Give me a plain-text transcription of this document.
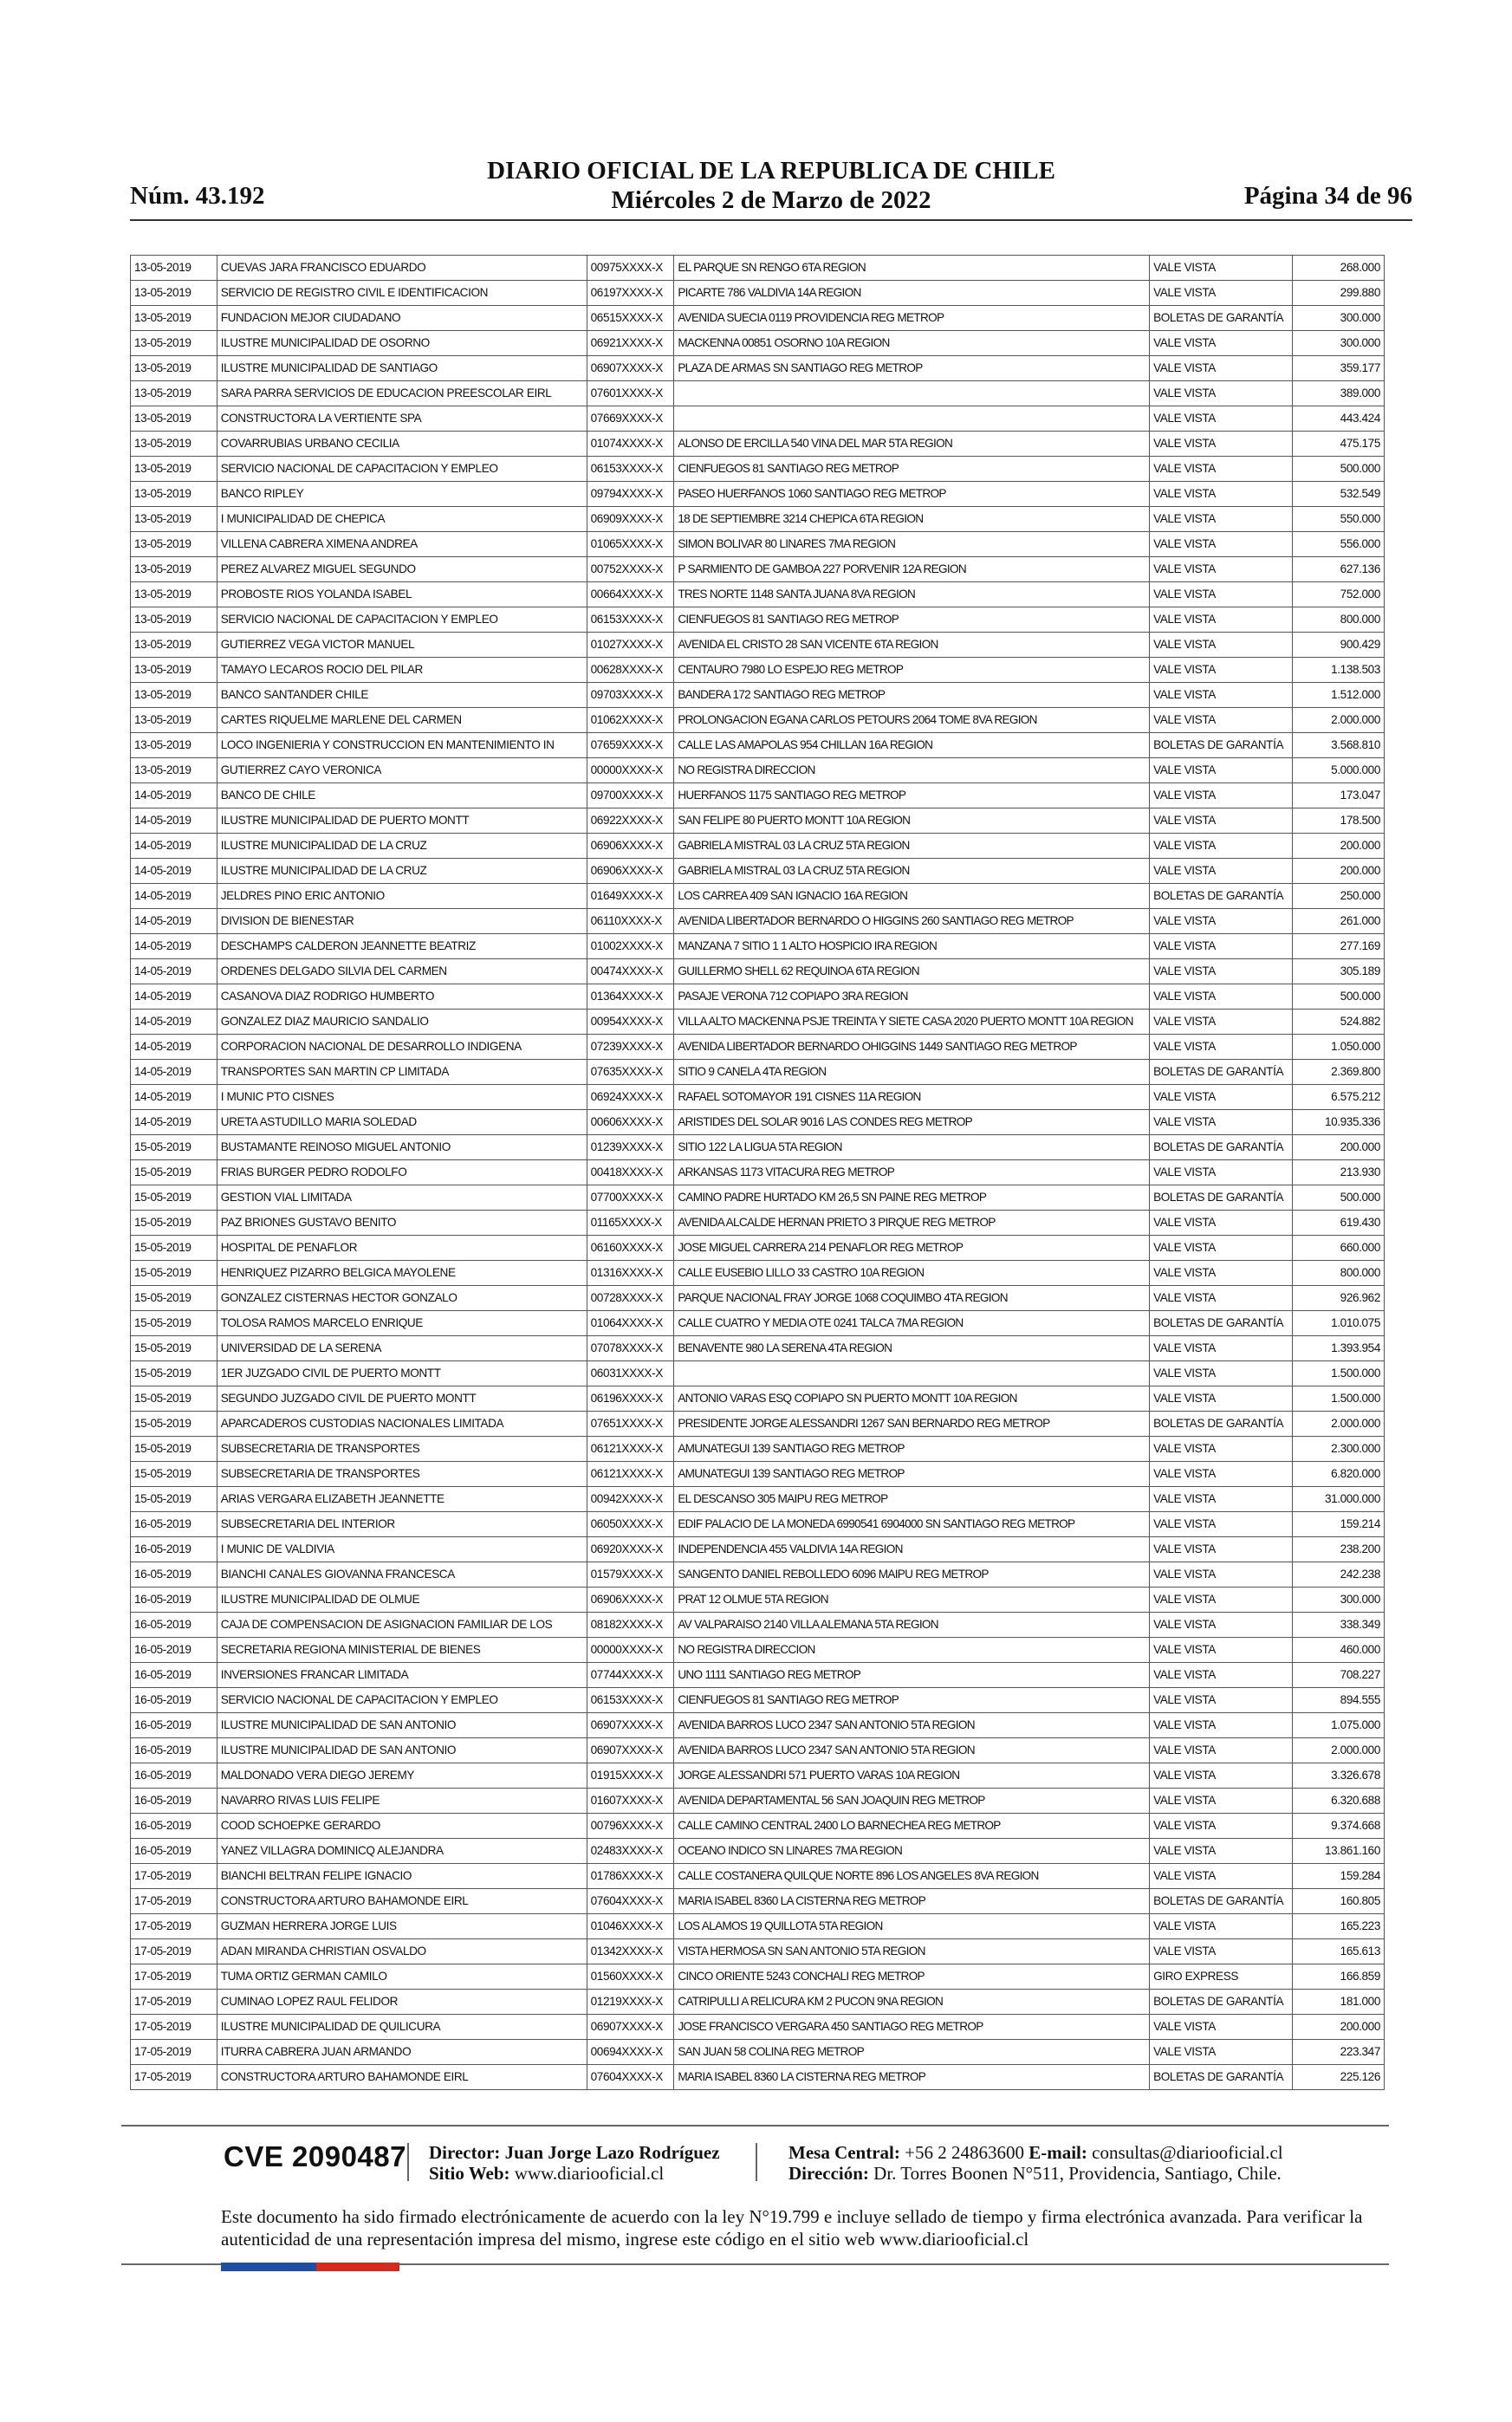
Núm. 43.192
DIARIO OFICIAL DE LA REPUBLICA DE CHILE
Miércoles 2 de Marzo de 2022	Página 34 de 96
13-05-2019	CUEVAS JARA FRANCISCO EDUARDO	00975XXXX-X	EL PARQUE SN RENGO 6TA REGION	VALE VISTA	268.000
13-05-2019	SERVICIO DE REGISTRO CIVIL E IDENTIFICACION	06197XXXX-X	PICARTE 786 VALDIVIA 14A REGION	VALE VISTA	299.880
13-05-2019	FUNDACION MEJOR CIUDADANO	06515XXXX-X	AVENIDA SUECIA 0119 PROVIDENCIA REG METROP	BOLETAS DE GARANTÍA	300.000
13-05-2019	ILUSTRE MUNICIPALIDAD DE OSORNO	06921XXXX-X	MACKENNA 00851 OSORNO 10A REGION	VALE VISTA	300.000
13-05-2019	ILUSTRE MUNICIPALIDAD DE SANTIAGO	06907XXXX-X	PLAZA DE ARMAS SN SANTIAGO REG METROP	VALE VISTA	359.177
13-05-2019	SARA PARRA SERVICIOS DE EDUCACION PREESCOLAR EIRL	07601XXXX-X		VALE VISTA	389.000
13-05-2019	CONSTRUCTORA LA VERTIENTE SPA	07669XXXX-X		VALE VISTA	443.424
13-05-2019	COVARRUBIAS URBANO CECILIA	01074XXXX-X	ALONSO DE ERCILLA 540 VINA DEL MAR 5TA REGION	VALE VISTA	475.175
13-05-2019	SERVICIO NACIONAL DE CAPACITACION Y EMPLEO	06153XXXX-X	CIENFUEGOS 81 SANTIAGO REG METROP	VALE VISTA	500.000
13-05-2019	BANCO RIPLEY	09794XXXX-X	PASEO HUERFANOS 1060 SANTIAGO REG METROP	VALE VISTA	532.549
13-05-2019	I MUNICIPALIDAD DE CHEPICA	06909XXXX-X	18 DE SEPTIEMBRE 3214 CHEPICA 6TA REGION	VALE VISTA	550.000
13-05-2019	VILLENA CABRERA XIMENA ANDREA	01065XXXX-X	SIMON BOLIVAR 80 LINARES 7MA REGION	VALE VISTA	556.000
13-05-2019	PEREZ ALVAREZ MIGUEL SEGUNDO	00752XXXX-X	P SARMIENTO DE GAMBOA 227 PORVENIR 12A REGION	VALE VISTA	627.136
13-05-2019	PROBOSTE RIOS YOLANDA ISABEL	00664XXXX-X	TRES NORTE 1148 SANTA JUANA 8VA REGION	VALE VISTA	752.000
13-05-2019	SERVICIO NACIONAL DE CAPACITACION Y EMPLEO	06153XXXX-X	CIENFUEGOS 81 SANTIAGO REG METROP	VALE VISTA	800.000
13-05-2019	GUTIERREZ VEGA VICTOR MANUEL	01027XXXX-X	AVENIDA EL CRISTO 28 SAN VICENTE 6TA REGION	VALE VISTA	900.429
13-05-2019	TAMAYO LECAROS ROCIO DEL PILAR	00628XXXX-X	CENTAURO 7980 LO ESPEJO REG METROP	VALE VISTA	1.138.503
13-05-2019	BANCO SANTANDER CHILE	09703XXXX-X	BANDERA 172 SANTIAGO REG METROP	VALE VISTA	1.512.000
13-05-2019	CARTES RIQUELME MARLENE DEL CARMEN	01062XXXX-X	PROLONGACION EGANA CARLOS PETOURS 2064 TOME 8VA REGION	VALE VISTA	2.000.000
13-05-2019	LOCO INGENIERIA Y CONSTRUCCION EN MANTENIMIENTO IN	07659XXXX-X	CALLE LAS AMAPOLAS 954 CHILLAN 16A REGION	BOLETAS DE GARANTÍA	3.568.810
13-05-2019	GUTIERREZ CAYO VERONICA	00000XXXX-X	NO REGISTRA DIRECCION	VALE VISTA	5.000.000
14-05-2019	BANCO DE CHILE	09700XXXX-X	HUERFANOS 1175 SANTIAGO REG METROP	VALE VISTA	173.047
14-05-2019	ILUSTRE MUNICIPALIDAD DE PUERTO MONTT	06922XXXX-X	SAN FELIPE 80 PUERTO MONTT 10A REGION	VALE VISTA	178.500
14-05-2019	ILUSTRE MUNICIPALIDAD DE LA CRUZ	06906XXXX-X	GABRIELA MISTRAL 03 LA CRUZ 5TA REGION	VALE VISTA	200.000
14-05-2019	ILUSTRE MUNICIPALIDAD DE LA CRUZ	06906XXXX-X	GABRIELA MISTRAL 03 LA CRUZ 5TA REGION	VALE VISTA	200.000
14-05-2019	JELDRES PINO ERIC ANTONIO	01649XXXX-X	LOS CARREA 409 SAN IGNACIO 16A REGION	BOLETAS DE GARANTÍA	250.000
14-05-2019	DIVISION DE BIENESTAR	06110XXXX-X	AVENIDA LIBERTADOR BERNARDO O HIGGINS 260 SANTIAGO REG METROP	VALE VISTA	261.000
14-05-2019	DESCHAMPS CALDERON JEANNETTE BEATRIZ	01002XXXX-X	MANZANA 7 SITIO 1 1 ALTO HOSPICIO IRA REGION	VALE VISTA	277.169
14-05-2019	ORDENES DELGADO SILVIA DEL CARMEN	00474XXXX-X	GUILLERMO SHELL 62 REQUINOA 6TA REGION	VALE VISTA	305.189
14-05-2019	CASANOVA DIAZ RODRIGO HUMBERTO	01364XXXX-X	PASAJE VERONA 712 COPIAPO 3RA REGION	VALE VISTA	500.000
14-05-2019	GONZALEZ DIAZ MAURICIO SANDALIO	00954XXXX-X	VILLA ALTO MACKENNA PSJE TREINTA Y SIETE CASA 2020 PUERTO MONTT 10A REGION	VALE VISTA	524.882
14-05-2019	CORPORACION NACIONAL DE DESARROLLO INDIGENA	07239XXXX-X	AVENIDA LIBERTADOR BERNARDO OHIGGINS 1449 SANTIAGO REG METROP	VALE VISTA	1.050.000
14-05-2019	TRANSPORTES SAN MARTIN CP LIMITADA	07635XXXX-X	SITIO 9 CANELA 4TA REGION	BOLETAS DE GARANTÍA	2.369.800
14-05-2019	I MUNIC PTO CISNES	06924XXXX-X	RAFAEL SOTOMAYOR 191 CISNES 11A REGION	VALE VISTA	6.575.212
14-05-2019	URETA ASTUDILLO MARIA SOLEDAD	00606XXXX-X	ARISTIDES DEL SOLAR 9016 LAS CONDES REG METROP	VALE VISTA	10.935.336
15-05-2019	BUSTAMANTE REINOSO MIGUEL ANTONIO	01239XXXX-X	SITIO 122 LA LIGUA 5TA REGION	BOLETAS DE GARANTÍA	200.000
15-05-2019	FRIAS BURGER PEDRO RODOLFO	00418XXXX-X	ARKANSAS 1173 VITACURA REG METROP	VALE VISTA	213.930
15-05-2019	GESTION VIAL LIMITADA	07700XXXX-X	CAMINO PADRE HURTADO KM 26,5 SN PAINE REG METROP	BOLETAS DE GARANTÍA	500.000
15-05-2019	PAZ BRIONES GUSTAVO BENITO	01165XXXX-X	AVENIDA ALCALDE HERNAN PRIETO 3 PIRQUE REG METROP	VALE VISTA	619.430
15-05-2019	HOSPITAL DE PENAFLOR	06160XXXX-X	JOSE MIGUEL CARRERA 214 PENAFLOR REG METROP	VALE VISTA	660.000
15-05-2019	HENRIQUEZ PIZARRO BELGICA MAYOLENE	01316XXXX-X	CALLE EUSEBIO LILLO 33 CASTRO 10A REGION	VALE VISTA	800.000
15-05-2019	GONZALEZ CISTERNAS HECTOR GONZALO	00728XXXX-X	PARQUE NACIONAL FRAY JORGE 1068 COQUIMBO 4TA REGION	VALE VISTA	926.962
15-05-2019	TOLOSA RAMOS MARCELO ENRIQUE	01064XXXX-X	CALLE CUATRO Y MEDIA OTE 0241 TALCA 7MA REGION	BOLETAS DE GARANTÍA	1.010.075
15-05-2019	UNIVERSIDAD DE LA SERENA	07078XXXX-X	BENAVENTE 980 LA SERENA 4TA REGION	VALE VISTA	1.393.954
15-05-2019	1ER JUZGADO CIVIL DE PUERTO MONTT	06031XXXX-X		VALE VISTA	1.500.000
15-05-2019	SEGUNDO JUZGADO CIVIL DE PUERTO MONTT	06196XXXX-X	ANTONIO VARAS ESQ COPIAPO SN PUERTO MONTT 10A REGION	VALE VISTA	1.500.000
15-05-2019	APARCADEROS CUSTODIAS NACIONALES LIMITADA	07651XXXX-X	PRESIDENTE JORGE ALESSANDRI 1267 SAN BERNARDO REG METROP	BOLETAS DE GARANTÍA	2.000.000
15-05-2019	SUBSECRETARIA DE TRANSPORTES	06121XXXX-X	AMUNATEGUI 139 SANTIAGO REG METROP	VALE VISTA	2.300.000
15-05-2019	SUBSECRETARIA DE TRANSPORTES	06121XXXX-X	AMUNATEGUI 139 SANTIAGO REG METROP	VALE VISTA	6.820.000
15-05-2019	ARIAS VERGARA ELIZABETH JEANNETTE	00942XXXX-X	EL DESCANSO 305 MAIPU REG METROP	VALE VISTA	31.000.000
16-05-2019	SUBSECRETARIA DEL INTERIOR	06050XXXX-X	EDIF PALACIO DE LA MONEDA 6990541 6904000 SN SANTIAGO REG METROP	VALE VISTA	159.214
16-05-2019	I MUNIC DE VALDIVIA	06920XXXX-X	INDEPENDENCIA 455 VALDIVIA 14A REGION	VALE VISTA	238.200
16-05-2019	BIANCHI CANALES GIOVANNA FRANCESCA	01579XXXX-X	SANGENTO DANIEL REBOLLEDO 6096 MAIPU REG METROP	VALE VISTA	242.238
16-05-2019	ILUSTRE MUNICIPALIDAD DE OLMUE	06906XXXX-X	PRAT 12 OLMUE 5TA REGION	VALE VISTA	300.000
16-05-2019	CAJA DE COMPENSACION DE ASIGNACION FAMILIAR DE LOS	08182XXXX-X	AV VALPARAISO 2140 VILLA ALEMANA 5TA REGION	VALE VISTA	338.349
16-05-2019	SECRETARIA REGIONA MINISTERIAL DE BIENES	00000XXXX-X	NO REGISTRA DIRECCION	VALE VISTA	460.000
16-05-2019	INVERSIONES FRANCAR LIMITADA	07744XXXX-X	UNO 1111 SANTIAGO REG METROP	VALE VISTA	708.227
16-05-2019	SERVICIO NACIONAL DE CAPACITACION Y EMPLEO	06153XXXX-X	CIENFUEGOS 81 SANTIAGO REG METROP	VALE VISTA	894.555
16-05-2019	ILUSTRE MUNICIPALIDAD DE SAN ANTONIO	06907XXXX-X	AVENIDA BARROS LUCO 2347 SAN ANTONIO 5TA REGION	VALE VISTA	1.075.000
16-05-2019	ILUSTRE MUNICIPALIDAD DE SAN ANTONIO	06907XXXX-X	AVENIDA BARROS LUCO 2347 SAN ANTONIO 5TA REGION	VALE VISTA	2.000.000
16-05-2019	MALDONADO VERA DIEGO JEREMY	01915XXXX-X	JORGE ALESSANDRI 571 PUERTO VARAS 10A REGION	VALE VISTA	3.326.678
16-05-2019	NAVARRO RIVAS LUIS FELIPE	01607XXXX-X	AVENIDA DEPARTAMENTAL 56 SAN JOAQUIN REG METROP	VALE VISTA	6.320.688
16-05-2019	COOD SCHOEPKE GERARDO	00796XXXX-X	CALLE CAMINO CENTRAL 2400 LO BARNECHEA REG METROP	VALE VISTA	9.374.668
16-05-2019	YANEZ VILLAGRA DOMINICQ ALEJANDRA	02483XXXX-X	OCEANO INDICO SN LINARES 7MA REGION	VALE VISTA	13.861.160
17-05-2019	BIANCHI BELTRAN FELIPE IGNACIO	01786XXXX-X	CALLE COSTANERA QUILQUE NORTE 896 LOS ANGELES 8VA REGION	VALE VISTA	159.284
17-05-2019	CONSTRUCTORA ARTURO BAHAMONDE EIRL	07604XXXX-X	MARIA ISABEL 8360 LA CISTERNA REG METROP	BOLETAS DE GARANTÍA	160.805
17-05-2019	GUZMAN HERRERA JORGE LUIS	01046XXXX-X	LOS ALAMOS 19 QUILLOTA 5TA REGION	VALE VISTA	165.223
17-05-2019	ADAN MIRANDA CHRISTIAN OSVALDO	01342XXXX-X	VISTA HERMOSA SN SAN ANTONIO 5TA REGION	VALE VISTA	165.613
17-05-2019	TUMA ORTIZ GERMAN CAMILO	01560XXXX-X	CINCO ORIENTE 5243 CONCHALI REG METROP	GIRO EXPRESS	166.859
17-05-2019	CUMINAO LOPEZ RAUL FELIDOR	01219XXXX-X	CATRIPULLI A RELICURA KM 2 PUCON 9NA REGION	BOLETAS DE GARANTÍA	181.000
17-05-2019	ILUSTRE MUNICIPALIDAD DE QUILICURA	06907XXXX-X	JOSE FRANCISCO VERGARA 450 SANTIAGO REG METROP	VALE VISTA	200.000
17-05-2019	ITURRA CABRERA JUAN ARMANDO	00694XXXX-X	SAN JUAN 58 COLINA REG METROP	VALE VISTA	223.347
17-05-2019	CONSTRUCTORA ARTURO BAHAMONDE EIRL	07604XXXX-X	MARIA ISABEL 8360 LA CISTERNA REG METROP	BOLETAS DE GARANTÍA	225.126
CVE 2090487 Director: Juan Jorge Lazo Rodríguez
Sitio Web: www.diariooficial.cl
Mesa Central: +56 2 24863600 E-mail: consultas@diariooficial.cl
Dirección: Dr. Torres Boonen N°511, Providencia, Santiago, Chile.
Este documento ha sido firmado electrónicamente de acuerdo con la ley N°19.799 e incluye sellado de tiempo y firma electrónica avanzada. Para verificar la autenticidad de una representación impresa del mismo, ingrese este código en el sitio web www.diariooficial.cl
